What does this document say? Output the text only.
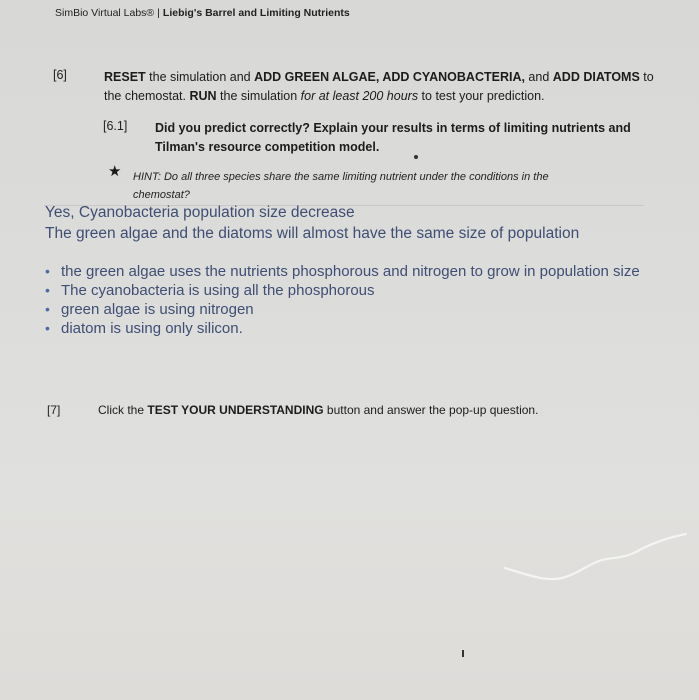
SimBio Virtual Labs® | Liebig's Barrel and Limiting Nutrients
[6]	RESET the simulation and ADD GREEN ALGAE, ADD CYANOBACTERIA, and ADD DIATOMS to the chemostat. RUN the simulation for at least 200 hours to test your prediction.
[6.1] Did you predict correctly? Explain your results in terms of limiting nutrients and Tilman's resource competition model.
★ HINT: Do all three species share the same limiting nutrient under the conditions in the chemostat?
Yes, Cyanobacteria population size decrease
The green algae and the diatoms will almost have the same size of population
• the green algae uses the nutrients phosphorous and nitrogen to grow in population size
• The cyanobacteria is using all the phosphorous
• green algae is using nitrogen
• diatom is using only silicon.
[7]	Click the TEST YOUR UNDERSTANDING button and answer the pop-up question.
